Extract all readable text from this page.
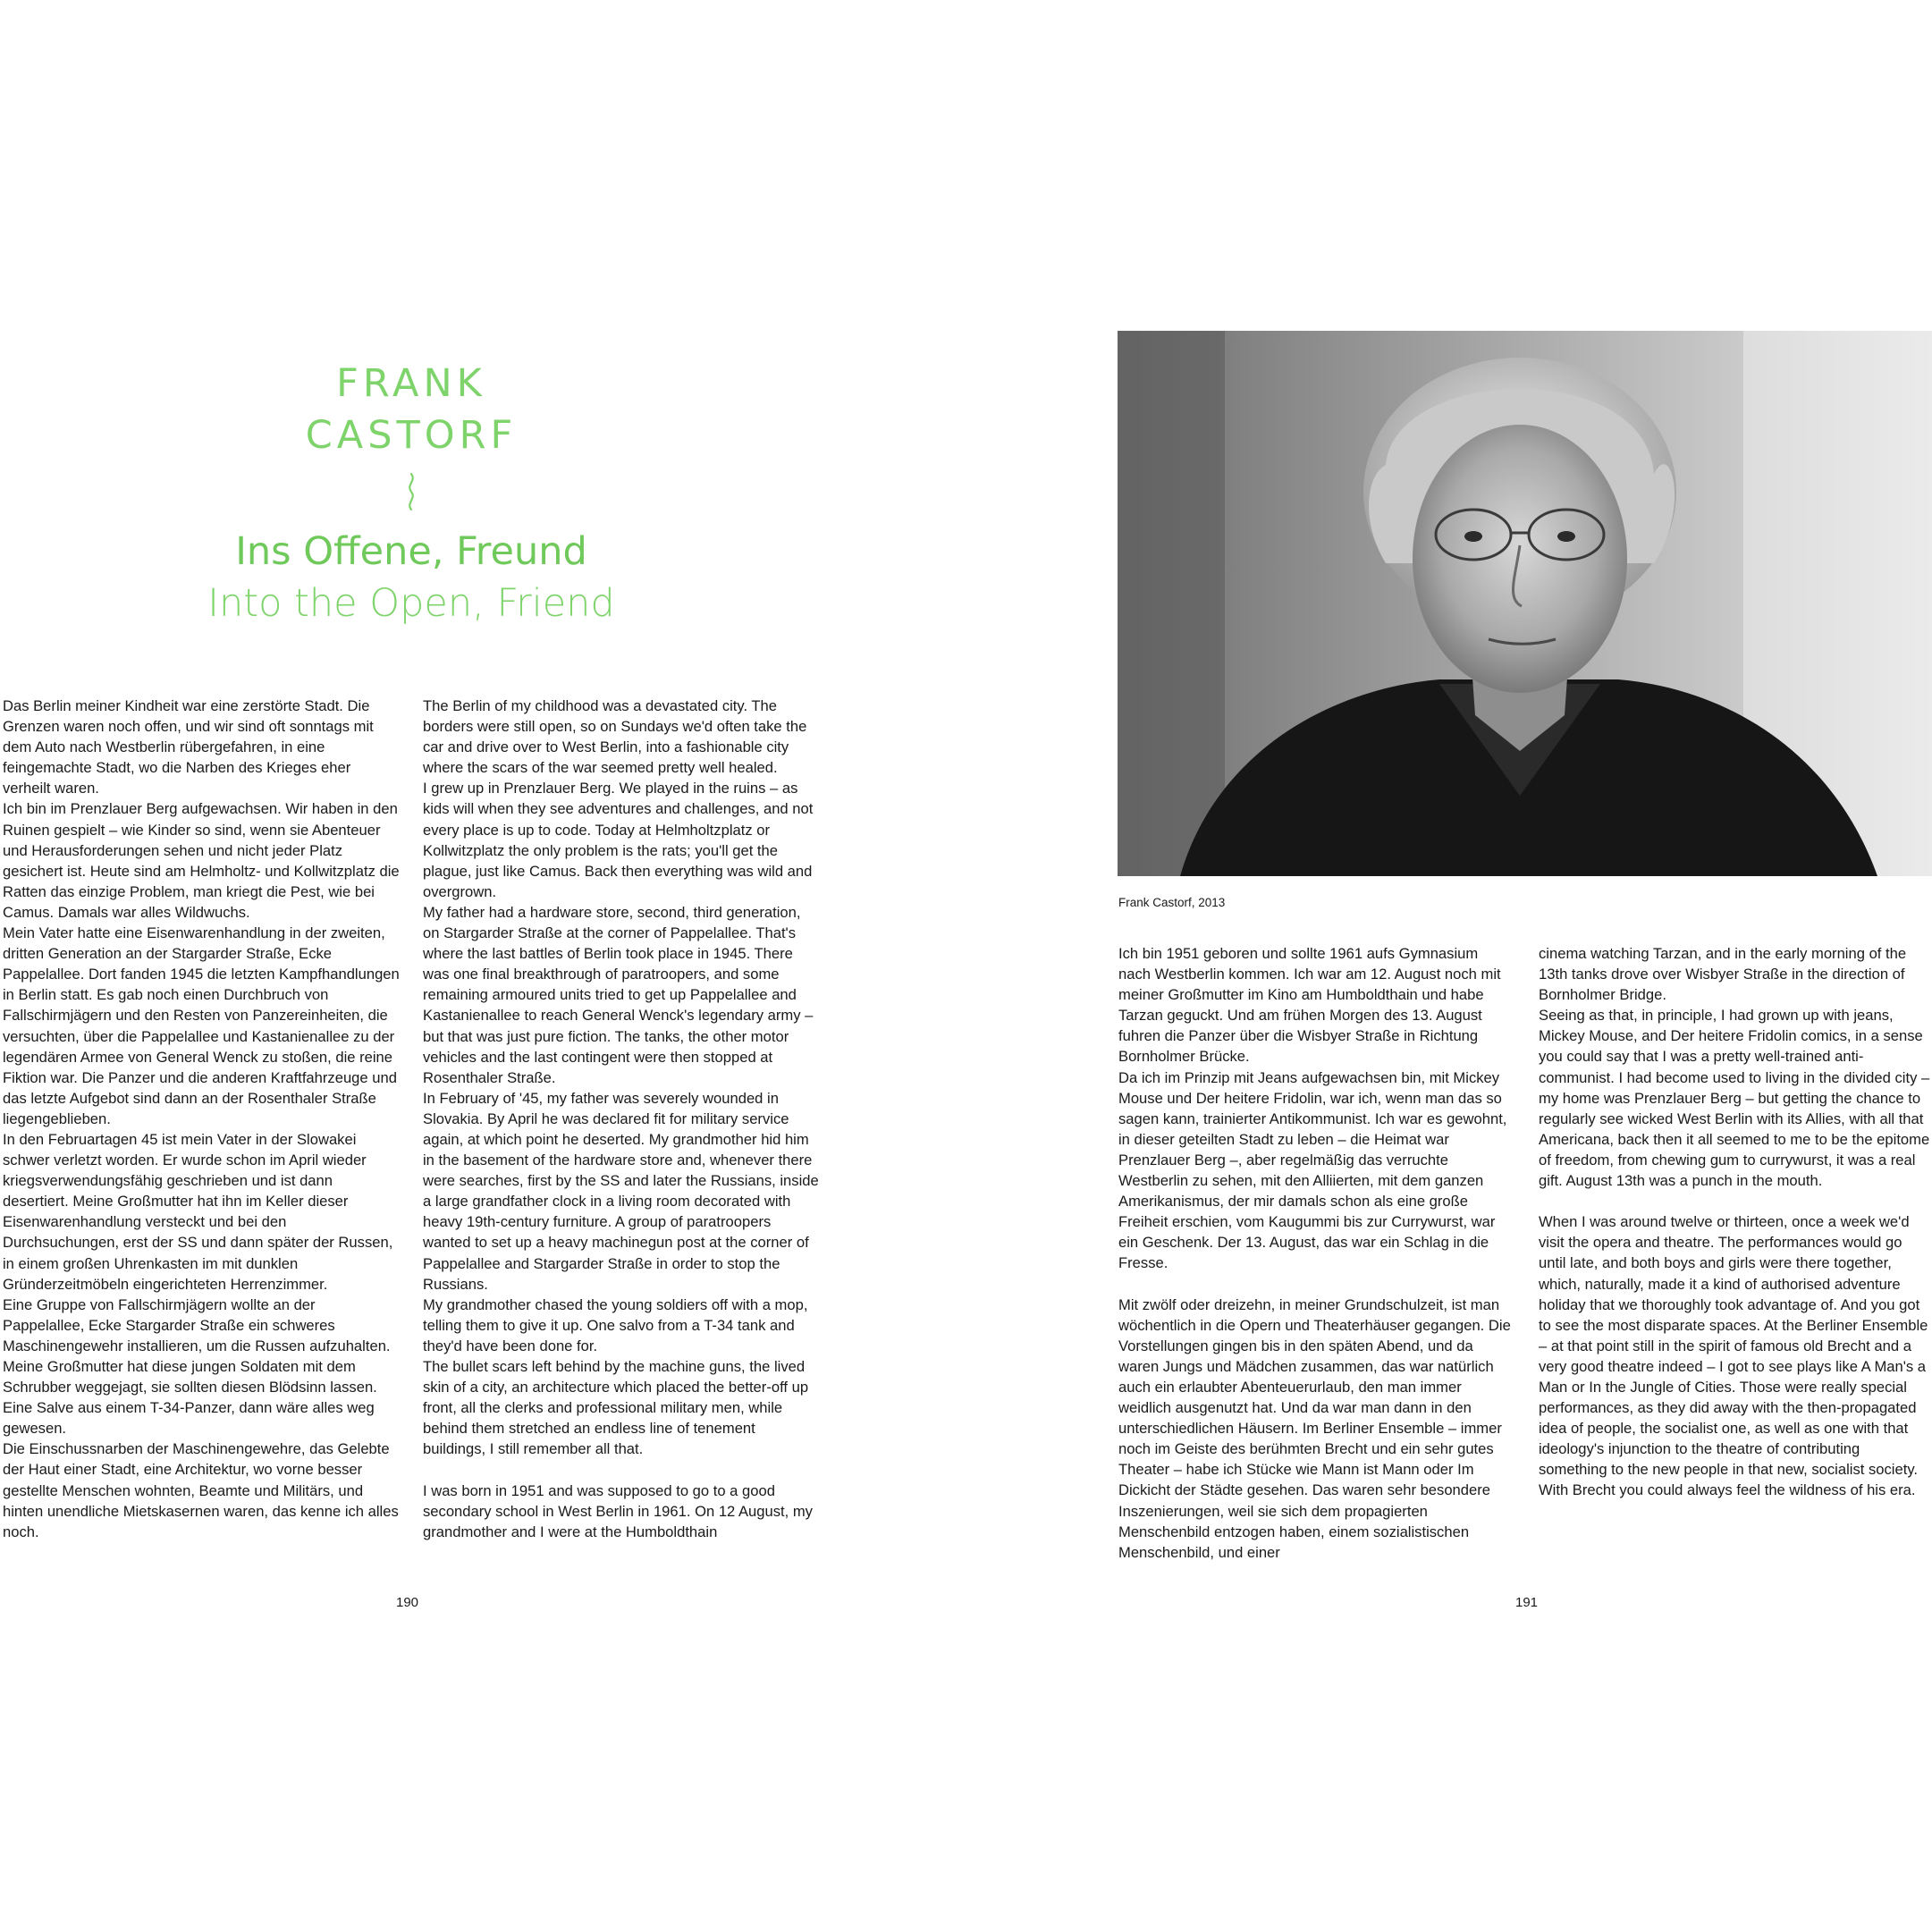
FRANK
CASTORF
Ins Offene, Freund
Into the Open, Friend

Das Berlin meiner Kindheit war eine zerstörte Stadt. Die Grenzen waren noch offen, und wir sind oft sonntags mit dem Auto nach Westberlin rübergefahren, in eine feingemachte Stadt, wo die Narben des Krieges eher verheilt waren.

Ich bin im Prenzlauer Berg aufgewachsen. Wir haben in den Ruinen gespielt – wie Kinder so sind, wenn sie Abenteuer und Herausforderungen sehen und nicht jeder Platz gesichert ist. Heute sind am Helmholtz- und Kollwitzplatz die Ratten das einzige Problem, man kriegt die Pest, wie bei Camus. Damals war alles Wildwuchs.

Mein Vater hatte eine Eisenwarenhandlung in der zweiten, dritten Generation an der Stargarder Straße, Ecke Pappelallee. Dort fanden 1945 die letzten Kampfhandlungen in Berlin statt. Es gab noch einen Durchbruch von Fallschirmjägern und den Resten von Panzereinheiten, die versuchten, über die Pappelallee und Kastanienallee zu der legendären Armee von General Wenck zu stoßen, die reine Fiktion war. Die Panzer und die anderen Kraftfahrzeuge und das letzte Aufgebot sind dann an der Rosenthaler Straße liegengeblieben.

In den Februartagen 45 ist mein Vater in der Slowakei schwer verletzt worden. Er wurde schon im April wieder kriegsverwendungsfähig geschrieben und ist dann desertiert. Meine Großmutter hat ihn im Keller dieser Eisenwarenhandlung versteckt und bei den Durchsuchungen, erst der SS und dann später der Russen, in einem großen Uhrenkasten im mit dunklen Gründerzeitmöbeln eingerichteten Herrenzimmer.

Eine Gruppe von Fallschirmjägern wollte an der Pappelallee, Ecke Stargarder Straße ein schweres Maschinengewehr installieren, um die Russen aufzuhalten. Meine Großmutter hat diese jungen Soldaten mit dem Schrubber weggejagt, sie sollten diesen Blödsinn lassen. Eine Salve aus einem T-34-Panzer, dann wäre alles weg gewesen.

Die Einschussnarben der Maschinengewehre, das Gelebte der Haut einer Stadt, eine Architektur, wo vorne besser gestellte Menschen wohnten, Beamte und Militärs, und hinten unendliche Mietskasernen waren, das kenne ich alles noch.

The Berlin of my childhood was a devastated city. The borders were still open, so on Sundays we'd often take the car and drive over to West Berlin, into a fashionable city where the scars of the war seemed pretty well healed.

I grew up in Prenzlauer Berg. We played in the ruins – as kids will when they see adventures and challenges, and not every place is up to code. Today at Helmholtzplatz or Kollwitzplatz the only problem is the rats; you'll get the plague, just like Camus. Back then everything was wild and overgrown.

My father had a hardware store, second, third generation, on Stargarder Straße at the corner of Pappelallee. That's where the last battles of Berlin took place in 1945. There was one final breakthrough of paratroopers, and some remaining armoured units tried to get up Pappelallee and Kastanienallee to reach General Wenck's legendary army – but that was just pure fiction. The tanks, the other motor vehicles and the last contingent were then stopped at Rosenthaler Straße.

In February of '45, my father was severely wounded in Slovakia. By April he was declared fit for military service again, at which point he deserted. My grandmother hid him in the basement of the hardware store and, whenever there were searches, first by the SS and later the Russians, inside a large grandfather clock in a living room decorated with heavy 19th-century furniture. A group of paratroopers wanted to set up a heavy machinegun post at the corner of Pappelallee and Stargarder Straße in order to stop the Russians.

My grandmother chased the young soldiers off with a mop, telling them to give it up. One salvo from a T-34 tank and they'd have been done for.

The bullet scars left behind by the machine guns, the lived skin of a city, an architecture which placed the better-off up front, all the clerks and professional military men, while behind them stretched an endless line of tenement buildings, I still remember all that.

I was born in 1951 and was supposed to go to a good secondary school in West Berlin in 1961. On 12 August, my grandmother and I were at the Humboldthain

190
Frank Castorf, 2013

Ich bin 1951 geboren und sollte 1961 aufs Gymnasium nach Westberlin kommen. Ich war am 12. August noch mit meiner Großmutter im Kino am Humboldthain und habe Tarzan geguckt. Und am frühen Morgen des 13. August fuhren die Panzer über die Wisbyer Straße in Richtung Bornholmer Brücke.

Da ich im Prinzip mit Jeans aufgewachsen bin, mit Mickey Mouse und Der heitere Fridolin, war ich, wenn man das so sagen kann, trainierter Antikommunist. Ich war es gewohnt, in dieser geteilten Stadt zu leben – die Heimat war Prenzlauer Berg –, aber regelmäßig das verruchte Westberlin zu sehen, mit den Alliierten, mit dem ganzen Amerikanismus, der mir damals schon als eine große Freiheit erschien, vom Kaugummi bis zur Currywurst, war ein Geschenk. Der 13. August, das war ein Schlag in die Fresse.

Mit zwölf oder dreizehn, in meiner Grundschulzeit, ist man wöchentlich in die Opern und Theaterhäuser gegangen. Die Vorstellungen gingen bis in den späten Abend, und da waren Jungs und Mädchen zusammen, das war natürlich auch ein erlaubter Abenteuerurlaub, den man immer weidlich ausgenutzt hat. Und da war man dann in den unterschiedlichen Häusern. Im Berliner Ensemble – immer noch im Geiste des berühmten Brecht und ein sehr gutes Theater – habe ich Stücke wie Mann ist Mann oder Im Dickicht der Städte gesehen. Das waren sehr besondere Inszenierungen, weil sie sich dem propagierten Menschenbild entzogen haben, einem sozialistischen Menschenbild, und einer

cinema watching Tarzan, and in the early morning of the 13th tanks drove over Wisbyer Straße in the direction of Bornholmer Bridge.

Seeing as that, in principle, I had grown up with jeans, Mickey Mouse, and Der heitere Fridolin comics, in a sense you could say that I was a pretty well-trained anti-communist. I had become used to living in the divided city – my home was Prenzlauer Berg – but getting the chance to regularly see wicked West Berlin with its Allies, with all that Americana, back then it all seemed to me to be the epitome of freedom, from chewing gum to currywurst, it was a real gift. August 13th was a punch in the mouth.

When I was around twelve or thirteen, once a week we'd visit the opera and theatre. The performances would go until late, and both boys and girls were there together, which, naturally, made it a kind of authorised adventure holiday that we thoroughly took advantage of. And you got to see the most disparate spaces. At the Berliner Ensemble – at that point still in the spirit of famous old Brecht and a very good theatre indeed – I got to see plays like A Man's a Man or In the Jungle of Cities. Those were really special performances, as they did away with the then-propagated idea of people, the socialist one, as well as one with that ideology's injunction to the theatre of contributing something to the new people in that new, socialist society. With Brecht you could always feel the wildness of his era.

191
